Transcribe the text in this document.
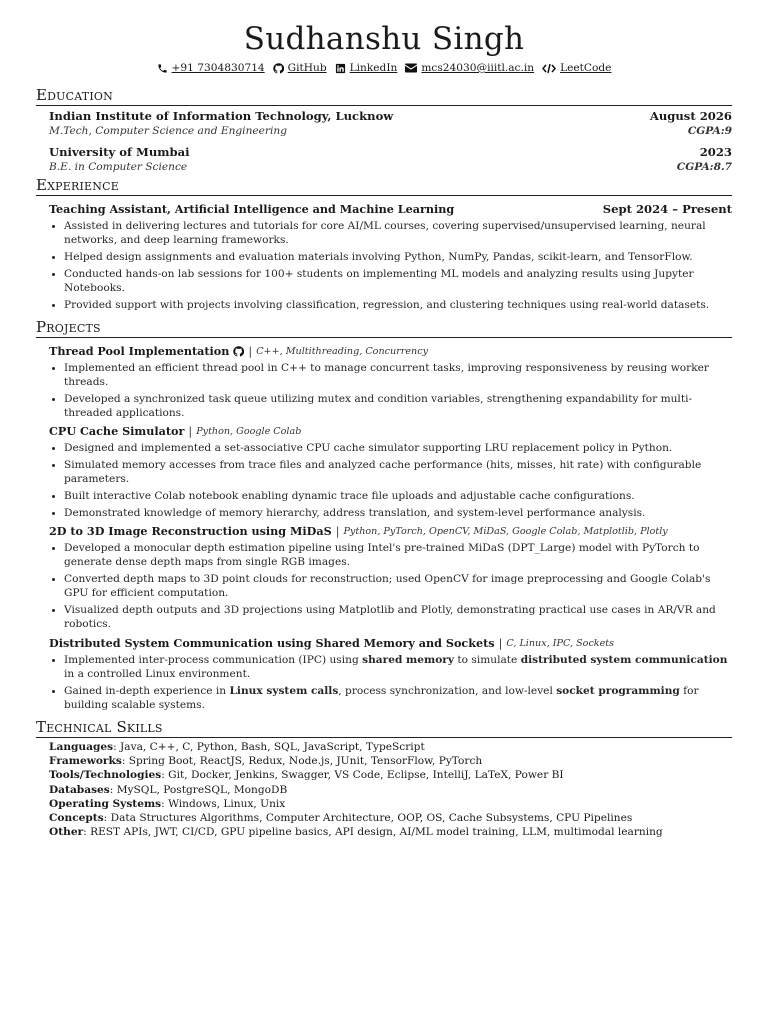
Sudhanshu Singh
+91 7304830714 GitHub LinkedIn mcs24030@iiitl.ac.in LeetCode
Education
Indian Institute of Information Technology, Lucknow	August 2026
M.Tech, Computer Science and Engineering	CGPA:9
University of Mumbai	2023
B.E. in Computer Science	CGPA:8.7
Experience
Teaching Assistant, Artificial Intelligence and Machine Learning	Sept 2024 – Present
• Assisted in delivering lectures and tutorials for core AI/ML courses, covering supervised/unsupervised learning, neural networks, and deep learning frameworks.
• Helped design assignments and evaluation materials involving Python, NumPy, Pandas, scikit-learn, and TensorFlow.
• Conducted hands-on lab sessions for 100+ students on implementing ML models and analyzing results using Jupyter Notebooks.
• Provided support with projects involving classification, regression, and clustering techniques using real-world datasets.
Projects
Thread Pool Implementation | C++, Multithreading, Concurrency
• Implemented an efficient thread pool in C++ to manage concurrent tasks, improving responsiveness by reusing worker threads.
• Developed a synchronized task queue utilizing mutex and condition variables, strengthening expandability for multi-threaded applications.
CPU Cache Simulator | Python, Google Colab
• Designed and implemented a set-associative CPU cache simulator supporting LRU replacement policy in Python.
• Simulated memory accesses from trace files and analyzed cache performance (hits, misses, hit rate) with configurable parameters.
• Built interactive Colab notebook enabling dynamic trace file uploads and adjustable cache configurations.
• Demonstrated knowledge of memory hierarchy, address translation, and system-level performance analysis.
2D to 3D Image Reconstruction using MiDaS | Python, PyTorch, OpenCV, MiDaS, Google Colab, Matplotlib, Plotly
• Developed a monocular depth estimation pipeline using Intel's pre-trained MiDaS (DPT_Large) model with PyTorch to generate dense depth maps from single RGB images.
• Converted depth maps to 3D point clouds for reconstruction; used OpenCV for image preprocessing and Google Colab's GPU for efficient computation.
• Visualized depth outputs and 3D projections using Matplotlib and Plotly, demonstrating practical use cases in AR/VR and robotics.
Distributed System Communication using Shared Memory and Sockets | C, Linux, IPC, Sockets
• Implemented inter-process communication (IPC) using shared memory to simulate distributed system communication in a controlled Linux environment.
• Gained in-depth experience in Linux system calls, process synchronization, and low-level socket programming for building scalable systems.
Technical Skills
Languages: Java, C++, C, Python, Bash, SQL, JavaScript, TypeScript
Frameworks: Spring Boot, ReactJS, Redux, Node.js, JUnit, TensorFlow, PyTorch
Tools/Technologies: Git, Docker, Jenkins, Swagger, VS Code, Eclipse, IntelliJ, LaTeX, Power BI
Databases: MySQL, PostgreSQL, MongoDB
Operating Systems: Windows, Linux, Unix
Concepts: Data Structures Algorithms, Computer Architecture, OOP, OS, Cache Subsystems, CPU Pipelines
Other: REST APIs, JWT, CI/CD, GPU pipeline basics, API design, AI/ML model training, LLM, multimodal learning
